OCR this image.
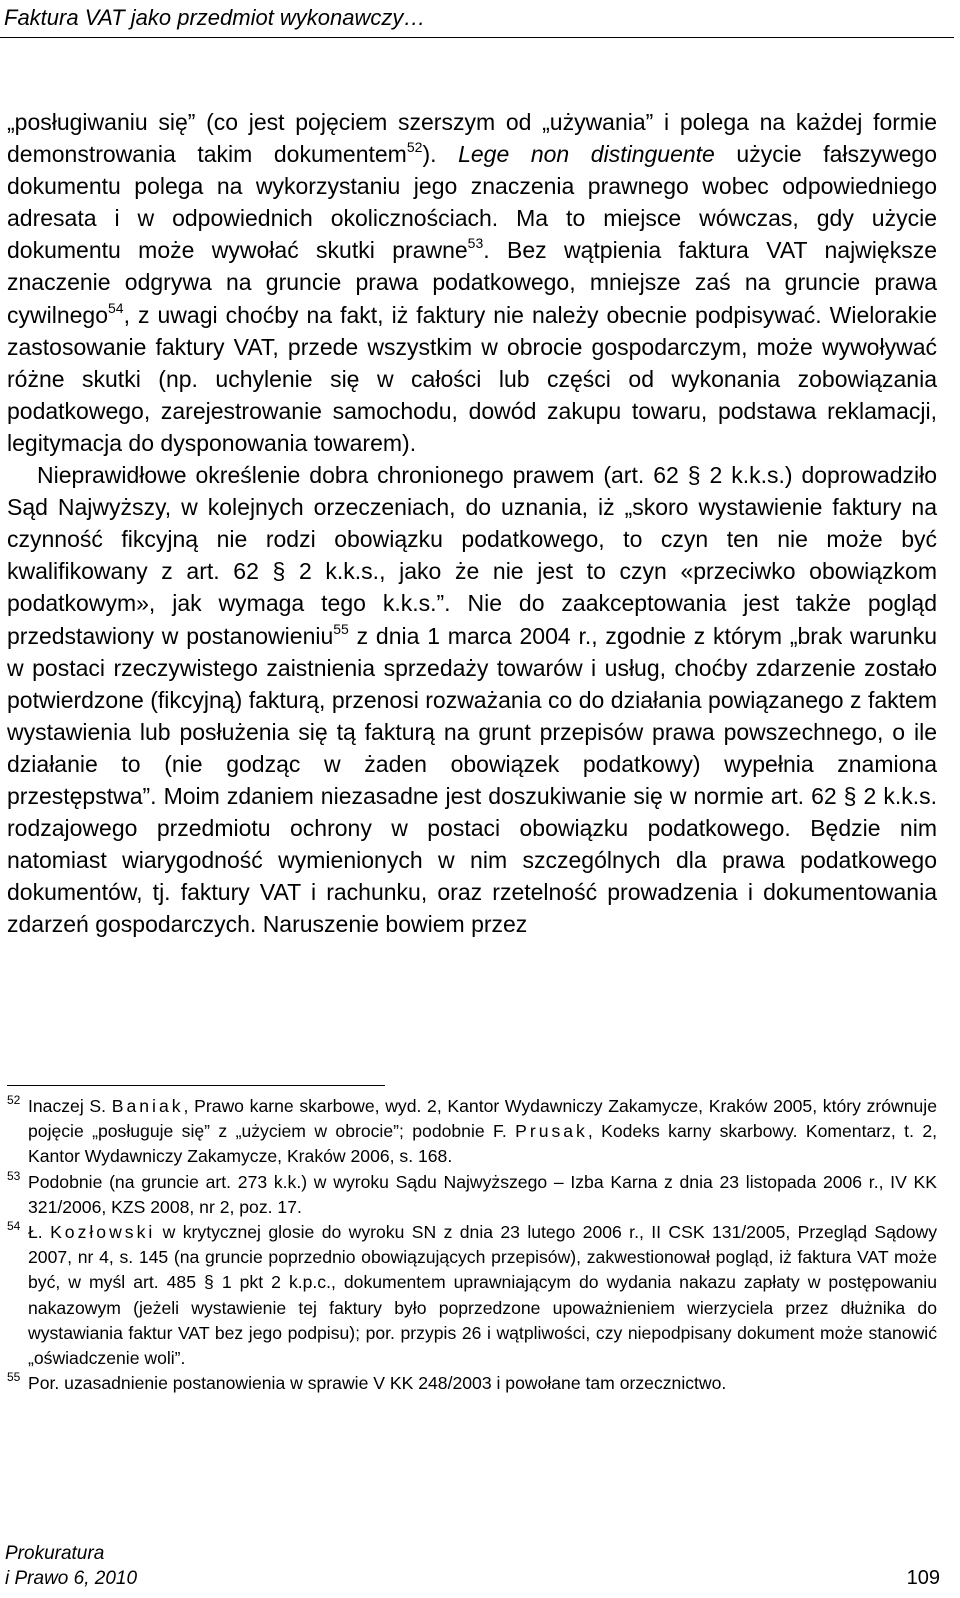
Faktura VAT jako przedmiot wykonawczy…

„posługiwaniu się” (co jest pojęciem szerszym od „używania” i polega na każdej formie demonstrowania takim dokumentem$^{52}$). Lege non distinguente użycie fałszywego dokumentu polega na wykorzystaniu jego znaczenia prawnego wobec odpowiedniego adresata i w odpowiednich okolicznościach. Ma to miejsce wówczas, gdy użycie dokumentu może wywołać skutki prawne$^{53}$. Bez wątpienia faktura VAT największe znaczenie odgrywa na gruncie prawa podatkowego, mniejsze zaś na gruncie prawa cywilnego$^{54}$, z uwagi choćby na fakt, iż faktury nie należy obecnie podpisywać. Wielorakie zastosowanie faktury VAT, przede wszystkim w obrocie gospodarczym, może wywoływać różne skutki (np. uchylenie się w całości lub części od wykonania zobowiązania podatkowego, zarejestrowanie samochodu, dowód zakupu towaru, podstawa reklamacji, legitymacja do dysponowania towarem).

Nieprawidłowe określenie dobra chronionego prawem (art. 62 § 2 k.k.s.) doprowadziło Sąd Najwyższy, w kolejnych orzeczeniach, do uznania, iż „skoro wystawienie faktury na czynność fikcyjną nie rodzi obowiązku podatkowego, to czyn ten nie może być kwalifikowany z art. 62 § 2 k.k.s., jako że nie jest to czyn «przeciwko obowiązkom podatkowym», jak wymaga tego k.k.s.”. Nie do zaakceptowania jest także pogląd przedstawiony w postanowieniu$^{55}$ z dnia 1 marca 2004 r., zgodnie z którym „brak warunku w postaci rzeczywistego zaistnienia sprzedaży towarów i usług, choćby zdarzenie zostało potwierdzone (fikcyjną) fakturą, przenosi rozważania co do działania powiązanego z faktem wystawienia lub posłużenia się tą fakturą na grunt przepisów prawa powszechnego, o ile działanie to (nie godząc w żaden obowiązek podatkowy) wypełnia znamiona przestępstwa”. Moim zdaniem niezasadne jest doszukiwanie się w normie art. 62 § 2 k.k.s. rodzajowego przedmiotu ochrony w postaci obowiązku podatkowego. Będzie nim natomiast wiarygodność wymienionych w nim szczególnych dla prawa podatkowego dokumentów, tj. faktury VAT i rachunku, oraz rzetelność prowadzenia i dokumentowania zdarzeń gospodarczych. Naruszenie bowiem przez

52 Inaczej S. Baniak, Prawo karne skarbowe, wyd. 2, Kantor Wydawniczy Zakamycze, Kraków 2005, który zrównuje pojęcie „posługuje się” z „użyciem w obrocie”; podobnie F. Prusak, Kodeks karny skarbowy. Komentarz, t. 2, Kantor Wydawniczy Zakamycze, Kraków 2006, s. 168.

53 Podobnie (na gruncie art. 273 k.k.) w wyroku Sądu Najwyższego – Izba Karna z dnia 23 listopada 2006 r., IV KK 321/2006, KZS 2008, nr 2, poz. 17.

54 Ł. Kozłowski w krytycznej glosie do wyroku SN z dnia 23 lutego 2006 r., II CSK 131/2005, Przegląd Sądowy 2007, nr 4, s. 145 (na gruncie poprzednio obowiązujących przepisów), zakwestionował pogląd, iż faktura VAT może być, w myśl art. 485 § 1 pkt 2 k.p.c., dokumentem uprawniającym do wydania nakazu zapłaty w postępowaniu nakazowym (jeżeli wystawienie tej faktury było poprzedzone upoważnieniem wierzyciela przez dłużnika do wystawiania faktur VAT bez jego podpisu); por. przypis 26 i wątpliwości, czy niepodpisany dokument może stanowić „oświadczenie woli”.

55 Por. uzasadnienie postanowienia w sprawie V KK 248/2003 i powołane tam orzecznictwo.

Prokuratura
i Prawo 6, 2010	109
